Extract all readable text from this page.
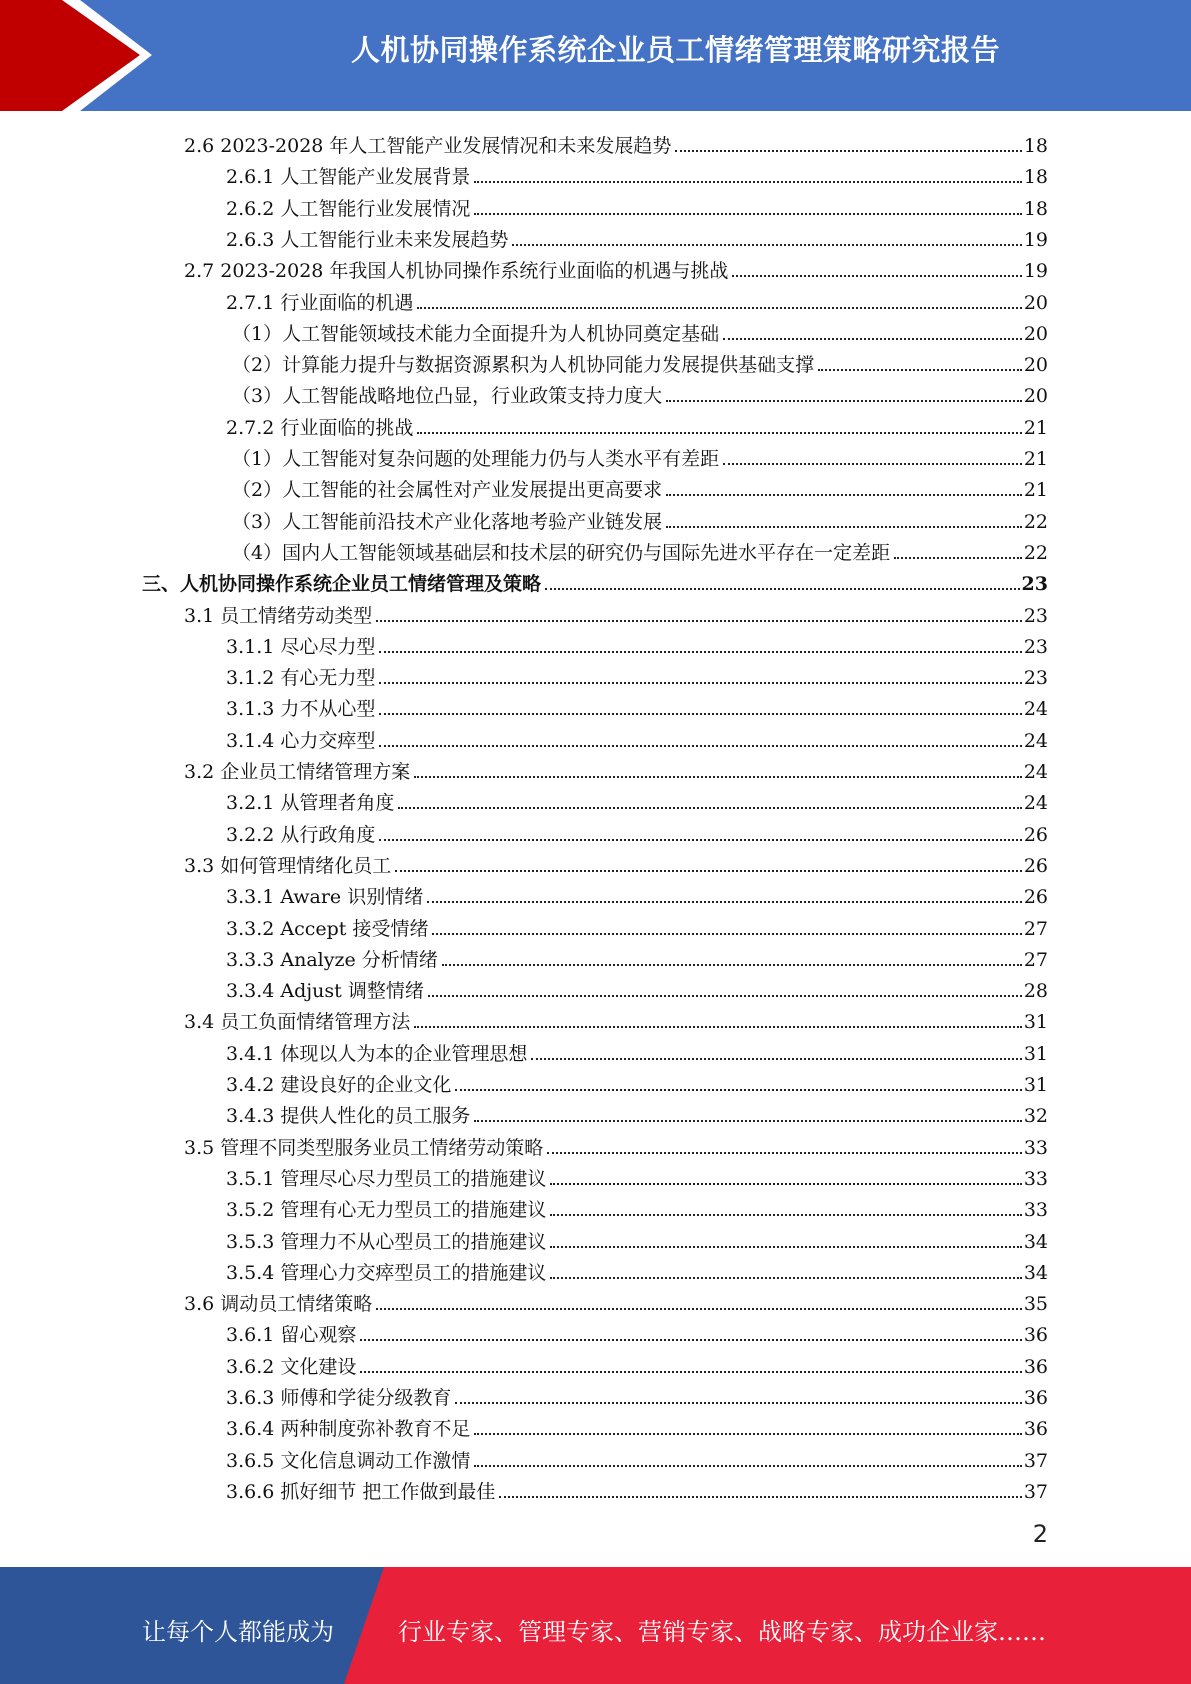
人机协同操作系统企业员工情绪管理策略研究报告
2.6 2023-2028 年人工智能产业发展情况和未来发展趋势	18
2.6.1 人工智能产业发展背景	18
2.6.2 人工智能行业发展情况	18
2.6.3 人工智能行业未来发展趋势	19
2.7 2023-2028 年我国人机协同操作系统行业面临的机遇与挑战	19
2.7.1 行业面临的机遇	20
（1）人工智能领域技术能力全面提升为人机协同奠定基础	20
（2）计算能力提升与数据资源累积为人机协同能力发展提供基础支撑	20
（3）人工智能战略地位凸显，行业政策支持力度大	20
2.7.2 行业面临的挑战	21
（1）人工智能对复杂问题的处理能力仍与人类水平有差距	21
（2）人工智能的社会属性对产业发展提出更高要求	21
（3）人工智能前沿技术产业化落地考验产业链发展	22
（4）国内人工智能领域基础层和技术层的研究仍与国际先进水平存在一定差距	22
三、人机协同操作系统企业员工情绪管理及策略	23
3.1 员工情绪劳动类型	23
3.1.1 尽心尽力型	23
3.1.2 有心无力型	23
3.1.3 力不从心型	24
3.1.4 心力交瘁型	24
3.2 企业员工情绪管理方案	24
3.2.1 从管理者角度	24
3.2.2 从行政角度	26
3.3 如何管理情绪化员工	26
3.3.1 Aware 识别情绪	26
3.3.2 Accept 接受情绪	27
3.3.3 Analyze 分析情绪	27
3.3.4 Adjust 调整情绪	28
3.4 员工负面情绪管理方法	31
3.4.1 体现以人为本的企业管理思想	31
3.4.2 建设良好的企业文化	31
3.4.3 提供人性化的员工服务	32
3.5 管理不同类型服务业员工情绪劳动策略	33
3.5.1 管理尽心尽力型员工的措施建议	33
3.5.2 管理有心无力型员工的措施建议	33
3.5.3 管理力不从心型员工的措施建议	34
3.5.4 管理心力交瘁型员工的措施建议	34
3.6 调动员工情绪策略	35
3.6.1 留心观察	36
3.6.2 文化建设	36
3.6.3 师傅和学徒分级教育	36
3.6.4 两种制度弥补教育不足	36
3.6.5 文化信息调动工作激情	37
3.6.6 抓好细节 把工作做到最佳	37
2
让每个人都能成为	行业专家、管理专家、营销专家、战略专家、成功企业家……
